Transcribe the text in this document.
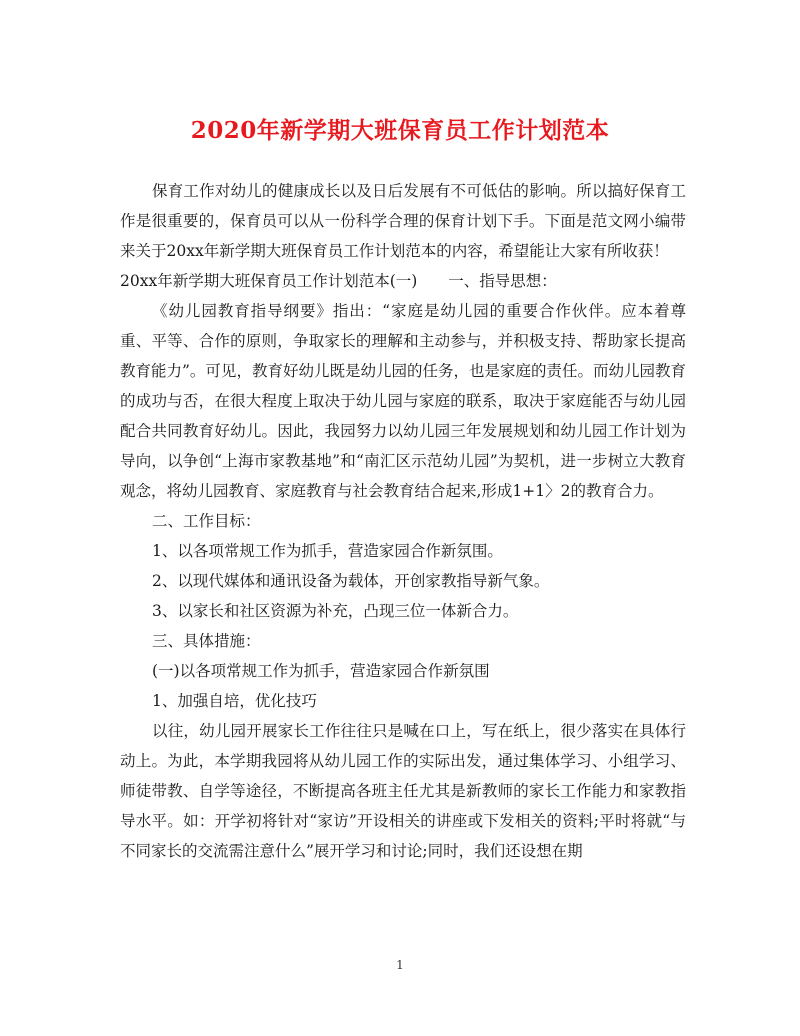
2020年新学期大班保育员工作计划范本

保育工作对幼儿的健康成长以及日后发展有不可低估的影响。所以搞好保育工作是很重要的，保育员可以从一份科学合理的保育计划下手。下面是范文网小编带来关于20xx年新学期大班保育员工作计划范本的内容，希望能让大家有所收获！

20xx年新学期大班保育员工作计划范本(一)　　一、指导思想：

《幼儿园教育指导纲要》指出：“家庭是幼儿园的重要合作伙伴。应本着尊重、平等、合作的原则，争取家长的理解和主动参与，并积极支持、帮助家长提高教育能力”。可见，教育好幼儿既是幼儿园的任务，也是家庭的责任。而幼儿园教育的成功与否，在很大程度上取决于幼儿园与家庭的联系，取决于家庭能否与幼儿园配合共同教育好幼儿。因此，我园努力以幼儿园三年发展规划和幼儿园工作计划为导向，以争创“上海市家教基地”和“南汇区示范幼儿园”为契机，进一步树立大教育观念，将幼儿园教育、家庭教育与社会教育结合起来,形成1+1〉2的教育合力。

二、工作目标：

1、以各项常规工作为抓手，营造家园合作新氛围。

2、以现代媒体和通讯设备为载体，开创家教指导新气象。

3、以家长和社区资源为补充，凸现三位一体新合力。

三、具体措施：

(一)以各项常规工作为抓手，营造家园合作新氛围

1、加强自培，优化技巧

以往，幼儿园开展家长工作往往只是喊在口上，写在纸上，很少落实在具体行动上。为此，本学期我园将从幼儿园工作的实际出发，通过集体学习、小组学习、师徒带教、自学等途径，不断提高各班主任尤其是新教师的家长工作能力和家教指导水平。如：开学初将针对“家访”开设相关的讲座或下发相关的资料;平时将就“与不同家长的交流需注意什么”展开学习和讨论;同时，我们还设想在期

1
